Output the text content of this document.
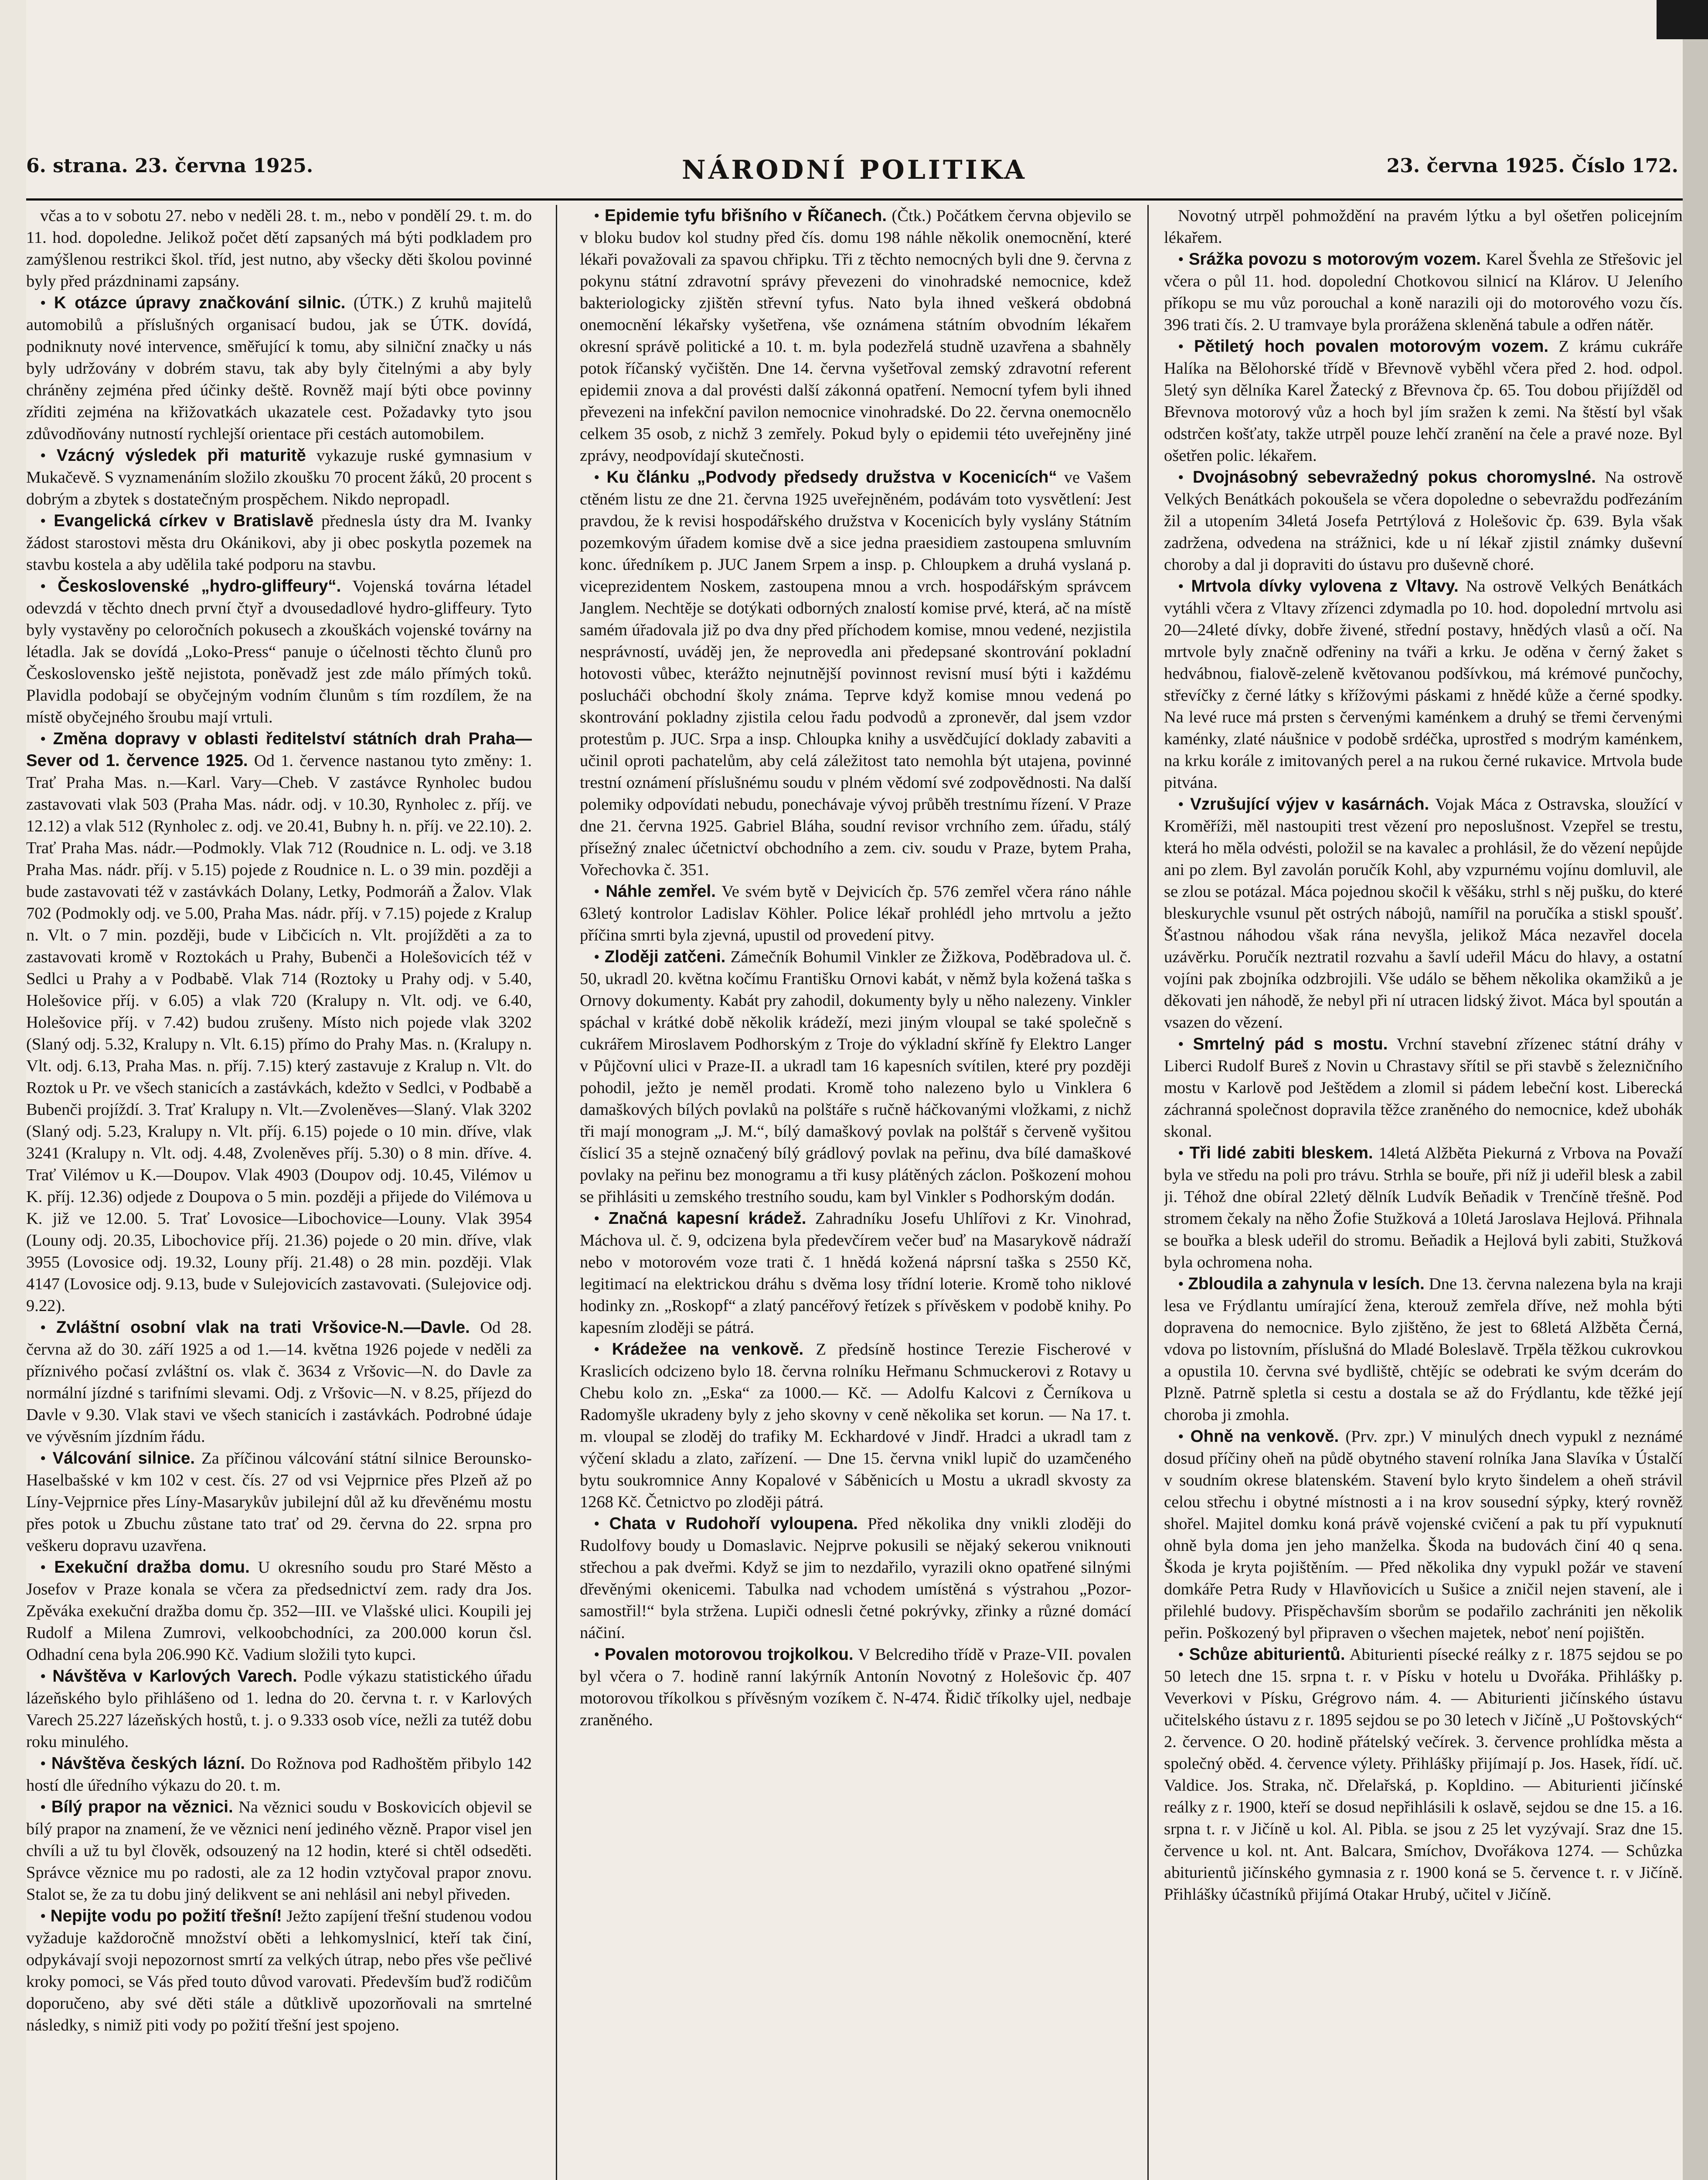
6. strana. 23. června 1925.	NÁRODNÍ POLITIKA	23. června 1925. Číslo 172.

včas a to v sobotu 27. nebo v neděli 28. t. m., nebo v pondělí 29. t. m. do 11. hod. dopoledne. Jelikož počet dětí zapsaných má býti podkladem pro zamýšlenou restrikci škol. tříd, jest nutno, aby všecky děti školou povinné byly před prázdninami zapsány.

• K otázce úpravy značkování silnic. (ÚTK.) Z kruhů majitelů automobilů a příslušných organisací budou, jak se ÚTK. dovídá, podniknuty nové intervence, směřující k tomu, aby silniční značky u nás byly udržovány v dobrém stavu, tak aby byly čitelnými a aby byly chráněny zejména před účinky deště. Rovněž mají býti obce povinny zříditi zejména na křižovatkách ukazatele cest. Požadavky tyto jsou zdůvodňovány nutností rychlejší orientace při cestách automobilem.

• Vzácný výsledek při maturitě vykazuje ruské gymnasium v Mukačevě. S vyznamenáním složilo zkoušku 70 procent žáků, 20 procent s dobrým a zbytek s dostatečným prospěchem. Nikdo nepropadl.

• Evangelická církev v Bratislavě přednesla ústy dra M. Ivanky žádost starostovi města dru Okánikovi, aby ji obec poskytla pozemek na stavbu kostela a aby udělila také podporu na stavbu.

• Československé „hydro-gliffeury“. Vojenská továrna létadel odevzdá v těchto dnech první čtyř a dvousedadlové hydro-gliffeury. Tyto byly vystavěny po celoročních pokusech a zkouškách vojenské továrny na létadla. Jak se dovídá „Loko-Press“ panuje o účelnosti těchto člunů pro Československo ještě nejistota, poněvadž jest zde málo přímých toků. Plavidla podobají se obyčejným vodním člunům s tím rozdílem, že na místě obyčejného šroubu mají vrtuli.

• Změna dopravy v oblasti ředitelství státních drah Praha—Sever od 1. července 1925. Od 1. července nastanou tyto změny: 1. Trať Praha Mas. n.—Karl. Vary—Cheb. V zastávce Rynholec budou zastavovati vlak 503 (Praha Mas. nádr. odj. v 10.30, Rynholec z. příj. ve 12.12) a vlak 512 (Rynholec z. odj. ve 20.41, Bubny h. n. příj. ve 22.10). 2. Trať Praha Mas. nádr.—Podmokly. Vlak 712 (Roudnice n. L. odj. ve 3.18 Praha Mas. nádr. příj. v 5.15) pojede z Roudnice n. L. o 39 min. později a bude zastavovati též v zastávkách Dolany, Letky, Podmoráň a Žalov. Vlak 702 (Podmokly odj. ve 5.00, Praha Mas. nádr. příj. v 7.15) pojede z Kralup n. Vlt. o 7 min. později, bude v Libčicích n. Vlt. projížděti a za to zastavovati kromě v Roztokách u Prahy, Bubenči a Holešovicích též v Sedlci u Prahy a v Podbabě. Vlak 714 (Roztoky u Prahy odj. v 5.40, Holešovice příj. v 6.05) a vlak 720 (Kralupy n. Vlt. odj. ve 6.40, Holešovice příj. v 7.42) budou zrušeny. Místo nich pojede vlak 3202 (Slaný odj. 5.32, Kralupy n. Vlt. 6.15) přímo do Prahy Mas. n. (Kralupy n. Vlt. odj. 6.13, Praha Mas. n. příj. 7.15) který zastavuje z Kralup n. Vlt. do Roztok u Pr. ve všech stanicích a zastávkách, kdežto v Sedlci, v Podbabě a Bubenči projíždí. 3. Trať Kralupy n. Vlt.—Zvoleněves—Slaný. Vlak 3202 (Slaný odj. 5.23, Kralupy n. Vlt. příj. 6.15) pojede o 10 min. dříve, vlak 3241 (Kralupy n. Vlt. odj. 4.48, Zvoleněves příj. 5.30) o 8 min. dříve. 4. Trať Vilémov u K.—Doupov. Vlak 4903 (Doupov odj. 10.45, Vilémov u K. příj. 12.36) odjede z Doupova o 5 min. později a přijede do Vilémova u K. již ve 12.00. 5. Trať Lovosice—Libochovice—Louny. Vlak 3954 (Louny odj. 20.35, Libochovice příj. 21.36) pojede o 20 min. dříve, vlak 3955 (Lovosice odj. 19.32, Louny příj. 21.48) o 28 min. později. Vlak 4147 (Lovosice odj. 9.13, bude v Sulejovicích zastavovati. (Sulejovice odj. 9.22).

• Zvláštní osobní vlak na trati Vršovice-N.—Davle. Od 28. června až do 30. září 1925 a od 1.—14. května 1926 pojede v neděli za příznivého počasí zvláštní os. vlak č. 3634 z Vršovic—N. do Davle za normální jízdné s tarifními slevami. Odj. z Vršovic—N. v 8.25, příjezd do Davle v 9.30. Vlak stavi ve všech stanicích i zastávkách. Podrobné údaje ve vývěsním jízdním řádu.

• Válcování silnice. Za příčinou válcování státní silnice Berounsko-Haselbašské v km 102 v cest. čís. 27 od vsi Vejprnice přes Plzeň až po Líny-Vejprnice přes Líny-Masarykův jubilejní důl až ku dřevěnému mostu přes potok u Zbuchu zůstane tato trať od 29. června do 22. srpna pro veškeru dopravu uzavřena.

• Exekuční dražba domu. U okresního soudu pro Staré Město a Josefov v Praze konala se včera za předsednictví zem. rady dra Jos. Zpěváka exekuční dražba domu čp. 352—III. ve Vlašské ulici. Koupili jej Rudolf a Milena Zumrovi, velkoobchodníci, za 200.000 korun čsl. Odhadní cena byla 206.990 Kč. Vadium složili tyto kupci.

• Návštěva v Karlových Varech. Podle výkazu statistického úřadu lázeňského bylo přihlášeno od 1. ledna do 20. června t. r. v Karlových Varech 25.227 lázeňských hostů, t. j. o 9.333 osob více, nežli za tutéž dobu roku minulého.

• Návštěva českých lázní. Do Rožnova pod Radhoštěm přibylo 142 hostí dle úředního výkazu do 20. t. m.

• Bílý prapor na věznici. Na věznici soudu v Boskovicích objevil se bílý prapor na znamení, že ve věznici není jediného vězně. Prapor visel jen chvíli a už tu byl člověk, odsouzený na 12 hodin, které si chtěl odseděti. Správce věznice mu po radosti, ale za 12 hodin vztyčoval prapor znovu. Stalot se, že za tu dobu jiný delikvent se ani nehlásil ani nebyl přiveden.

• Nepijte vodu po požití třešní! Ježto zapíjení třešní studenou vodou vyžaduje každoročně množství oběti a lehkomyslnicí, kteří tak činí, odpykávají svoji nepozornost smrtí za velkých útrap, nebo přes vše pečlivé kroky pomoci, se Vás před touto důvod varovati. Především buďž rodičům doporučeno, aby své děti stále a důtklivě upozorňovali na smrtelné následky, s nimiž piti vody po požití třešní jest spojeno.

• Epidemie tyfu břišního v Říčanech. (Čtk.) Počátkem června objevilo se v bloku budov kol studny před čís. domu 198 náhle několik onemocnění, které lékaři považovali za spavou chřipku. Tři z těchto nemocných byli dne 9. června z pokynu státní zdravotní správy převezeni do vinohradské nemocnice, kdež bakteriologicky zjištěn střevní tyfus. Nato byla ihned veškerá obdobná onemocnění lékařsky vyšetřena, vše oznámena státním obvodním lékařem okresní správě politické a 10. t. m. byla podezřelá studně uzavřena a sbahněly potok říčanský vyčištěn. Dne 14. června vyšetřoval zemský zdravotní referent epidemii znova a dal provésti další zákonná opatření. Nemocní tyfem byli ihned převezeni na infekční pavilon nemocnice vinohradské. Do 22. června onemocnělo celkem 35 osob, z nichž 3 zemřely. Pokud byly o epidemii této uveřejněny jiné zprávy, neodpovídají skutečnosti.

• Ku článku „Podvody předsedy družstva v Kocenicích“ ve Vašem ctěném listu ze dne 21. června 1925 uveřejněném, podávám toto vysvětlení: Jest pravdou, že k revisi hospodářského družstva v Kocenicích byly vyslány Státním pozemkovým úřadem komise dvě a sice jedna praesidiem zastoupena smluvním konc. úředníkem p. JUC Janem Srpem a insp. p. Chloupkem a druhá vyslaná p. viceprezidentem Noskem, zastoupena mnou a vrch. hospodářským správcem Janglem. Nechtěje se dotýkati odborných znalostí komise prvé, která, ač na místě samém úřadovala již po dva dny před příchodem komise, mnou vedené, nezjistila nesprávností, uváděj jen, že neprovedla ani předepsané skontrování pokladní hotovosti vůbec, kterážto nejnutnější povinnost revisní musí býti i každému poslucháči obchodní školy známa. Teprve když komise mnou vedená po skontrování pokladny zjistila celou řadu podvodů a zpronevěr, dal jsem vzdor protestům p. JUC. Srpa a insp. Chloupka knihy a usvědčující doklady zabaviti a učinil oproti pachatelům, aby celá záležitost tato nemohla být utajena, povinné trestní oznámení příslušnému soudu v plném vědomí své zodpovědnosti. Na další polemiky odpovídati nebudu, ponechávaje vývoj průběh trestnímu řízení. V Praze dne 21. června 1925. Gabriel Bláha, soudní revisor vrchního zem. úřadu, stálý přísežný znalec účetnictví obchodního a zem. civ. soudu v Praze, bytem Praha, Vořechovka č. 351.

• Náhle zemřel. Ve svém bytě v Dejvicích čp. 576 zemřel včera ráno náhle 63letý kontrolor Ladislav Köhler. Police lékař prohlédl jeho mrtvolu a ježto příčina smrti byla zjevná, upustil od provedení pitvy.

• Zloději zatčeni. Zámečník Bohumil Vinkler ze Žižkova, Poděbradova ul. č. 50, ukradl 20. května kočímu Františku Ornovi kabát, v němž byla kožená taška s Ornovy dokumenty. Kabát pry zahodil, dokumenty byly u něho nalezeny. Vinkler spáchal v krátké době několik krádeží, mezi jiným vloupal se také společně s cukrářem Miroslavem Podhorským z Troje do výkladní skříně fy Elektro Langer v Půjčovní ulici v Praze-II. a ukradl tam 16 kapesních svítilen, které pry později pohodil, ježto je neměl prodati. Kromě toho nalezeno bylo u Vinklera 6 damaškových bílých povlaků na polštáře s ručně háčkovanými vložkami, z nichž tři mají monogram „J. M.“, bílý damaškový povlak na polštář s červeně vyšitou číslicí 35 a stejně označený bílý grádlový povlak na peřinu, dva bílé damaškové povlaky na peřinu bez monogramu a tři kusy plátěných záclon. Poškození mohou se přihlásiti u zemského trestního soudu, kam byl Vinkler s Podhorským dodán.

• Značná kapesní krádež. Zahradníku Josefu Uhlířovi z Kr. Vinohrad, Máchova ul. č. 9, odcizena byla předevčírem večer buď na Masarykově nádraží nebo v motorovém voze trati č. 1 hnědá kožená náprsní taška s 2550 Kč, legitimací na elektrickou dráhu s dvěma losy třídní loterie. Kromě toho niklové hodinky zn. „Roskopf“ a zlatý pancéřový řetízek s přívěskem v podobě knihy. Po kapesním zloději se pátrá.

• Krádežee na venkově. Z předsíně hostince Terezie Fischerové v Kraslicích odcizeno bylo 18. června rolníku Heřmanu Schmuckerovi z Rotavy u Chebu kolo zn. „Eska“ za 1000.— Kč. — Adolfu Kalcovi z Černíkova u Radomyšle ukradeny byly z jeho skovny v ceně několika set korun. — Na 17. t. m. vloupal se zloděj do trafiky M. Eckhardové v Jindř. Hradci a ukradl tam z výčení skladu a zlato, zařízení. — Dne 15. června vnikl lupič do uzamčeného bytu soukromnice Anny Kopalové v Sáběnicích u Mostu a ukradl skvosty za 1268 Kč. Četnictvo po zloději pátrá.

• Chata v Rudohoří vyloupena. Před několika dny vnikli zloději do Rudolfovy boudy u Domaslavic. Nejprve pokusili se nějaký sekerou vniknouti střechou a pak dveřmi. Když se jim to nezdařilo, vyrazili okno opatřené silnými dřevěnými okenicemi. Tabulka nad vchodem umístěná s výstrahou „Pozor-samostřil!“ byla stržena. Lupiči odnesli četné pokrývky, zřinky a různé domácí náčiní.

• Povalen motorovou trojkolkou. V Belcrediho třídě v Praze-VII. povalen byl včera o 7. hodině ranní lakýrník Antonín Novotný z Holešovic čp. 407 motorovou tříkolkou s přívěsným vozíkem č. N-474. Řidič tříkolky ujel, nedbaje zraněného.

Novotný utrpěl pohmoždění na pravém lýtku a byl ošetřen policejním lékařem.

• Srážka povozu s motorovým vozem. Karel Švehla ze Střešovic jel včera o půl 11. hod. dopolední Chotkovou silnicí na Klárov. U Jeleního příkopu se mu vůz porouchal a koně narazili oji do motorového vozu čís. 396 trati čís. 2. U tramvaye byla prorážena skleněná tabule a odřen nátěr.

• Pětiletý hoch povalen motorovým vozem. Z krámu cukráře Halíka na Bělohorské třídě v Břevnově vyběhl včera před 2. hod. odpol. 5letý syn dělníka Karel Žatecký z Břevnova čp. 65. Tou dobou přijížděl od Břevnova motorový vůz a hoch byl jím sražen k zemi. Na štěstí byl však odstrčen košťaty, takže utrpěl pouze lehčí zranění na čele a pravé noze. Byl ošetřen polic. lékařem.

• Dvojnásobný sebevražedný pokus choromyslné. Na ostrově Velkých Benátkách pokoušela se včera dopoledne o sebevraždu podřezáním žil a utopením 34letá Josefa Petrtýlová z Holešovic čp. 639. Byla však zadržena, odvedena na strážnici, kde u ní lékař zjistil známky duševní choroby a dal ji dopraviti do ústavu pro duševně choré.

• Mrtvola dívky vylovena z Vltavy. Na ostrově Velkých Benátkách vytáhli včera z Vltavy zřízenci zdymadla po 10. hod. dopolední mrtvolu asi 20—24leté dívky, dobře živené, střední postavy, hnědých vlasů a očí. Na mrtvole byly značně odřeniny na tváři a krku. Je oděna v černý žaket s hedvábnou, fialově-zeleně květovanou podšívkou, má krémové punčochy, střevíčky z černé látky s křížovými páskami z hnědé kůže a černé spodky. Na levé ruce má prsten s červenými kaménkem a druhý se třemi červenými kaménky, zlaté náušnice v podobě srdéčka, uprostřed s modrým kaménkem, na krku korále z imitovaných perel a na rukou černé rukavice. Mrtvola bude pitvána.

• Vzrušující výjev v kasárnách. Vojak Máca z Ostravska, sloužící v Kroměříži, měl nastoupiti trest vězení pro neposlušnost. Vzepřel se trestu, která ho měla odvésti, položil se na kavalec a prohlásil, že do vězení nepůjde ani po zlem. Byl zavolán poručík Kohl, aby vzpurnému vojínu domluvil, ale se zlou se potázal. Máca pojednou skočil k věšáku, strhl s něj pušku, do které bleskurychle vsunul pět ostrých nábojů, namířil na poručíka a stiskl spoušť. Šťastnou náhodou však rána nevyšla, jelikož Máca nezavřel docela uzávěrku. Poručík neztratil rozvahu a šavlí udeřil Mácu do hlavy, a ostatní vojíni pak zbojníka odzbrojili. Vše událo se během několika okamžiků a je děkovati jen náhodě, že nebyl při ní utracen lidský život. Máca byl spoután a vsazen do vězení.

• Smrtelný pád s mostu. Vrchní stavební zřízenec státní dráhy v Liberci Rudolf Bureš z Novin u Chrastavy sřítil se při stavbě s železničního mostu v Karlově pod Ještědem a zlomil si pádem lebeční kost. Liberecká záchranná společnost dopravila těžce zraněného do nemocnice, kdež ubohák skonal.

• Tři lidé zabiti bleskem. 14letá Alžběta Piekurná z Vrbova na Považí byla ve středu na poli pro trávu. Strhla se bouře, při níž ji udeřil blesk a zabil ji. Téhož dne obíral 22letý dělník Ludvík Beňadik v Trenčíně třešně. Pod stromem čekaly na něho Žofie Stužková a 10letá Jaroslava Hejlová. Přihnala se bouřka a blesk udeřil do stromu. Beňadik a Hejlová byli zabiti, Stužková byla ochromena noha.

• Zbloudila a zahynula v lesích. Dne 13. června nalezena byla na kraji lesa ve Frýdlantu umírající žena, kterouž zemřela dříve, než mohla býti dopravena do nemocnice. Bylo zjištěno, že jest to 68letá Alžběta Černá, vdova po listovním, příslušná do Mladé Boleslavě. Trpěla těžkou cukrovkou a opustila 10. června své bydliště, chtějíc se odebrati ke svým dcerám do Plzně. Patrně spletla si cestu a dostala se až do Frýdlantu, kde těžké její choroba ji zmohla.

• Ohně na venkově. (Prv. zpr.) V minulých dnech vypukl z neznámé dosud příčiny oheň na půdě obytného stavení rolníka Jana Slavíka v Ústalčí v soudním okrese blatenském. Stavení bylo kryto šindelem a oheň strávil celou střechu i obytné místnosti a i na krov sousední sýpky, který rovněž shořel. Majitel domku koná právě vojenské cvičení a pak tu pří vypuknutí ohně byla doma jen jeho manželka. Škoda na budovách činí 40 q sena. Škoda je kryta pojištěním. — Před několika dny vypukl požár ve stavení domkáře Petra Rudy v Hlavňovicích u Sušice a zničil nejen stavení, ale i přilehlé budovy. Přispěchavším sborům se podařilo zachrániti jen několik peřin. Poškozený byl připraven o všechen majetek, neboť není pojištěn.

• Schůze abiturientů. Abiturienti písecké reálky z r. 1875 sejdou se po 50 letech dne 15. srpna t. r. v Písku v hotelu u Dvořáka. Přihlášky p. Veverkovi v Písku, Grégrovo nám. 4. — Abiturienti jičínského ústavu učitelského ústavu z r. 1895 sejdou se po 30 letech v Jičíně „U Poštovských“ 2. července. O 20. hodině přátelský večírek. 3. července prohlídka města a společný oběd. 4. července výlety. Přihlášky přijímají p. Jos. Hasek, řídí. uč. Valdice. Jos. Straka, nč. Dřelařská, p. Kopldino. — Abiturienti jičínské reálky z r. 1900, kteří se dosud nepřihlásili k oslavě, sejdou se dne 15. a 16. srpna t. r. v Jičíně u kol. Al. Pibla. se jsou z 25 let vyzývají. Sraz dne 15. července u kol. nt. Ant. Balcara, Smíchov, Dvořákova 1274. — Schůzka abiturientů jičínského gymnasia z r. 1900 koná se 5. července t. r. v Jičíně. Přihlášky účastníků přijímá Otakar Hrubý, učitel v Jičíně.
